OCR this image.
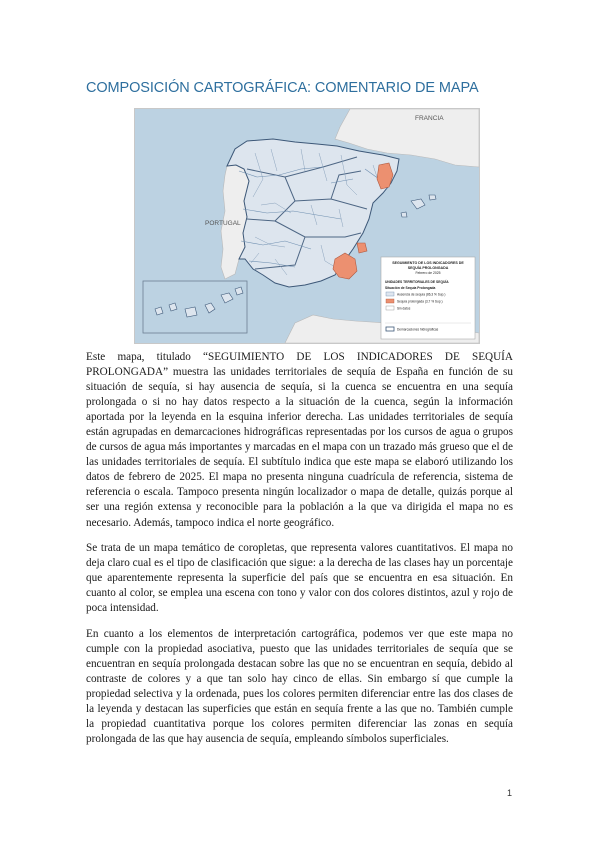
COMPOSICIÓN CARTOGRÁFICA: COMENTARIO DE MAPA
FRANCIA
PORTUGAL
SEGUIMIENTO DE LOS INDICADORES DE
SEQUÍA PROLONGADA
Febrero de 2025
UNIDADES TERRITORIALES DE SEQUÍA
Situación de Sequía Prolongada
Ausencia de sequía (86,3 % Sup.)
Sequía prolongada (3,7 % Sup.)
Sin datos
Demarcaciones hidrográficas

Este mapa, titulado “SEGUIMIENTO DE LOS INDICADORES DE SEQUÍA PROLONGADA” muestra las unidades territoriales de sequía de España en función de su situación de sequía, si hay ausencia de sequía, si la cuenca se encuentra en una sequía prolongada o si no hay datos respecto a la situación de la cuenca, según la información aportada por la leyenda en la esquina inferior derecha. Las unidades territoriales de sequía están agrupadas en demarcaciones hidrográficas representadas por los cursos de agua o grupos de cursos de agua más importantes y marcadas en el mapa con un trazado más grueso que el de las unidades territoriales de sequía. El subtítulo indica que este mapa se elaboró utilizando los datos de febrero de 2025. El mapa no presenta ninguna cuadrícula de referencia, sistema de referencia o escala. Tampoco presenta ningún localizador o mapa de detalle, quizás porque al ser una región extensa y reconocible para la población a la que va dirigida el mapa no es necesario. Además, tampoco indica el norte geográfico.

Se trata de un mapa temático de coropletas, que representa valores cuantitativos. El mapa no deja claro cual es el tipo de clasificación que sigue: a la derecha de las clases hay un porcentaje que aparentemente representa la superficie del país que se encuentra en esa situación. En cuanto al color, se emplea una escena con tono y valor con dos colores distintos, azul y rojo de poca intensidad.

En cuanto a los elementos de interpretación cartográfica, podemos ver que este mapa no cumple con la propiedad asociativa, puesto que las unidades territoriales de sequía que se encuentran en sequía prolongada destacan sobre las que no se encuentran en sequía, debido al contraste de colores y a que tan solo hay cinco de ellas. Sin embargo sí que cumple la propiedad selectiva y la ordenada, pues los colores permiten diferenciar entre las dos clases de la leyenda y destacan las superficies que están en sequía frente a las que no. También cumple la propiedad cuantitativa porque los colores permiten diferenciar las zonas en sequía prolongada de las que hay ausencia de sequía, empleando símbolos superficiales.

1
